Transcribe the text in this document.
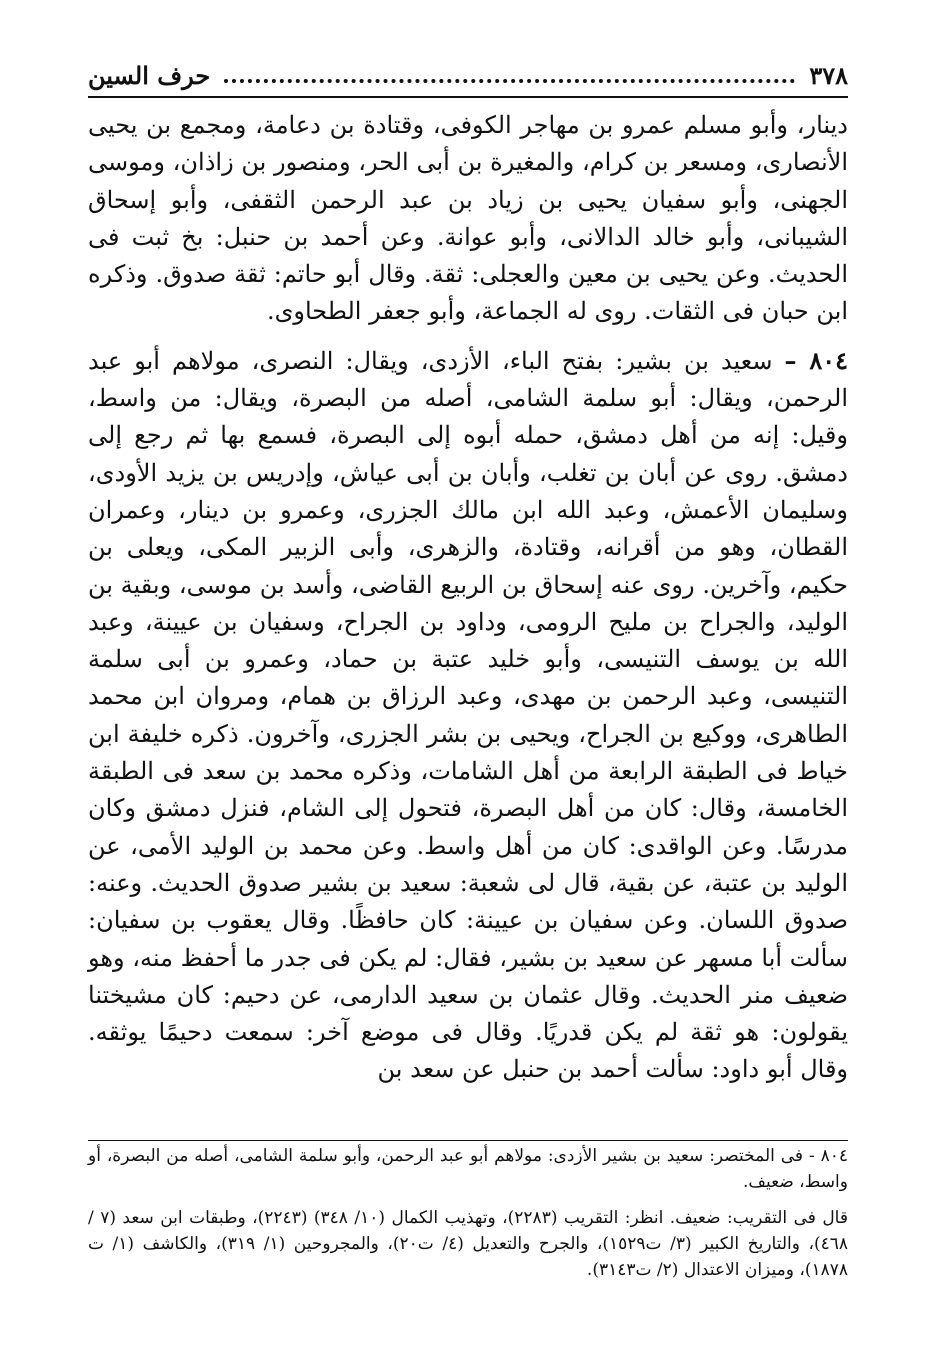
٣٧٨
حرف السين

دينار، وأبو مسلم عمرو بن مهاجر الكوفى، وقتادة بن دعامة، ومجمع بن يحيى الأنصارى، ومسعر بن كرام، والمغيرة بن أبى الحر، ومنصور بن زاذان، وموسى الجهنى، وأبو سفيان يحيى بن زياد بن عبد الرحمن الثقفى، وأبو إسحاق الشيبانى، وأبو خالد الدالانى، وأبو عوانة. وعن أحمد بن حنبل: بخ ثبت فى الحديث. وعن يحيى بن معين والعجلى: ثقة. وقال أبو حاتم: ثقة صدوق. وذكره ابن حبان فى الثقات. روى له الجماعة، وأبو جعفر الطحاوى.

٨٠٤ – سعيد بن بشير: بفتح الباء، الأزدى، ويقال: النصرى، مولاهم أبو عبد الرحمن، ويقال: أبو سلمة الشامى، أصله من البصرة، ويقال: من واسط، وقيل: إنه من أهل دمشق، حمله أبوه إلى البصرة، فسمع بها ثم رجع إلى دمشق. روى عن أبان بن تغلب، وأبان بن أبى عياش، وإدريس بن يزيد الأودى، وسليمان الأعمش، وعبد الله ابن مالك الجزرى، وعمرو بن دينار، وعمران القطان، وهو من أقرانه، وقتادة، والزهرى، وأبى الزبير المكى، ويعلى بن حكيم، وآخرين. روى عنه إسحاق بن الربيع القاضى، وأسد بن موسى، وبقية بن الوليد، والجراح بن مليح الرومى، وداود بن الجراح، وسفيان بن عيينة، وعبد الله بن يوسف التنيسى، وأبو خليد عتبة بن حماد، وعمرو بن أبى سلمة التنيسى، وعبد الرحمن بن مهدى، وعبد الرزاق بن همام، ومروان ابن محمد الطاهرى، ووكيع بن الجراح، ويحيى بن بشر الجزرى، وآخرون. ذكره خليفة ابن خياط فى الطبقة الرابعة من أهل الشامات، وذكره محمد بن سعد فى الطبقة الخامسة، وقال: كان من أهل البصرة، فتحول إلى الشام، فنزل دمشق وكان مدرسًا. وعن الواقدى: كان من أهل واسط. وعن محمد بن الوليد الأمى، عن الوليد بن عتبة، عن بقية، قال لى شعبة: سعيد بن بشير صدوق الحديث. وعنه: صدوق اللسان. وعن سفيان بن عيينة: كان حافظًا. وقال يعقوب بن سفيان: سألت أبا مسهر عن سعيد بن بشير، فقال: لم يكن فى جدر ما أحفظ منه، وهو ضعيف منر الحديث. وقال عثمان بن سعيد الدارمى، عن دحيم: كان مشيختنا يقولون: هو ثقة لم يكن قدريًا. وقال فى موضع آخر: سمعت دحيمًا يوثقه. وقال أبو داود: سألت أحمد بن حنبل عن سعد بن

٨٠٤ - فى المختصر: سعيد بن بشير الأزدى: مولاهم أبو عبد الرحمن، وأبو سلمة الشامى، أصله من البصرة، أو واسط، ضعيف.

قال فى التقريب: ضعيف. انظر: التقريب (٢٢٨٣)، وتهذيب الكمال (١٠/ ٣٤٨) (٢٢٤٣)، وطبقات ابن سعد (٧ / ٤٦٨)، والتاريخ الكبير (٣/ ت١٥٢٩)، والجرح والتعديل (٤/ ت٢٠)، والمجروحين (١/ ٣١٩)، والكاشف (١/ ت ١٨٧٨)، وميزان الاعتدال (٢/ ت٣١٤٣).
